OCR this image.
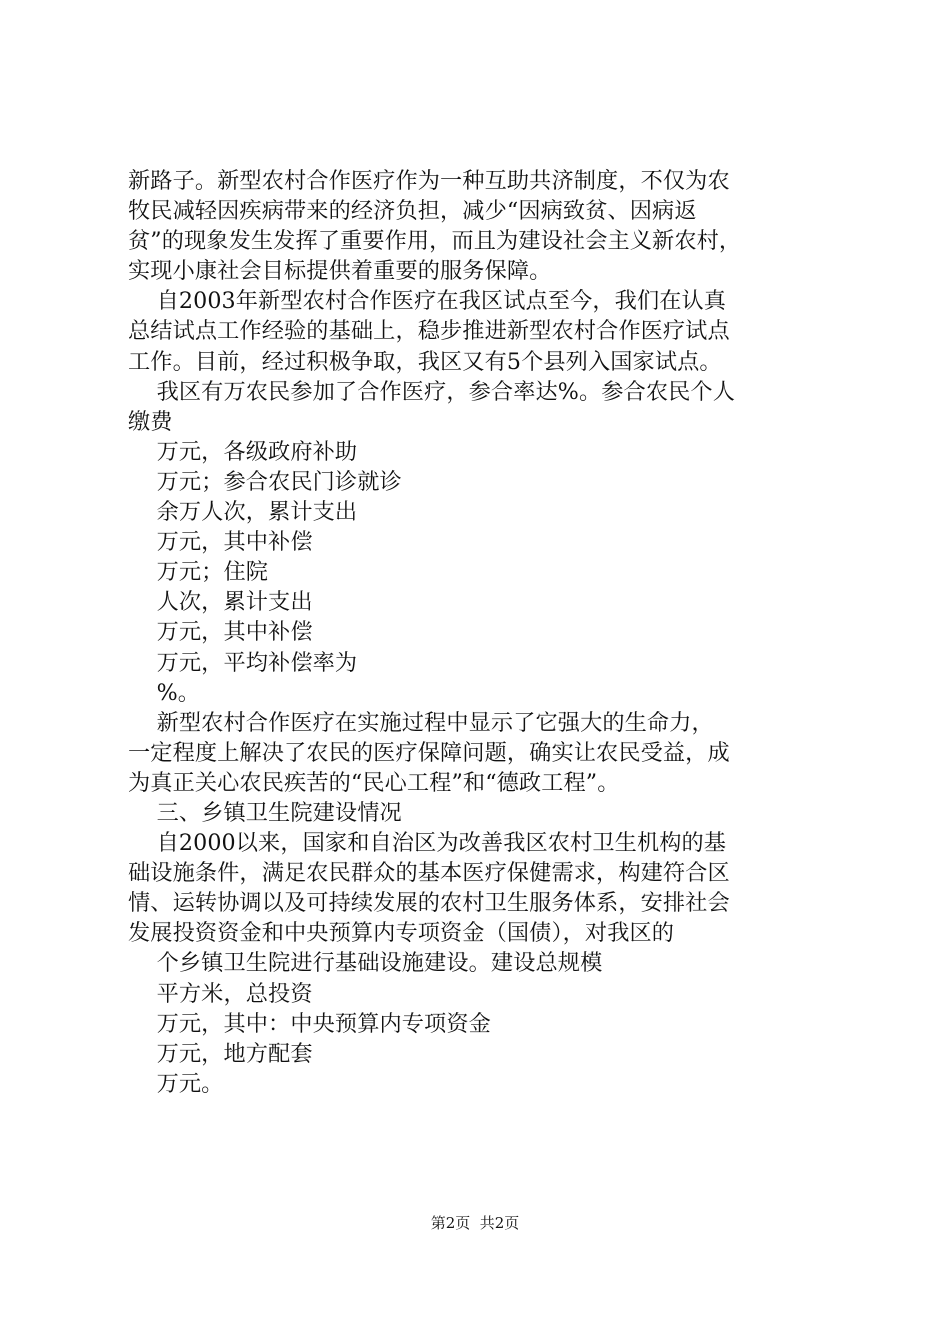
新路子。新型农村合作医疗作为一种互助共济制度，不仅为农
牧民减轻因疾病带来的经济负担，减少“因病致贫、因病返
贫”的现象发生发挥了重要作用，而且为建设社会主义新农村，
实现小康社会目标提供着重要的服务保障。
自2003年新型农村合作医疗在我区试点至今，我们在认真
总结试点工作经验的基础上，稳步推进新型农村合作医疗试点
工作。目前，经过积极争取，我区又有5个县列入国家试点。
我区有万农民参加了合作医疗，参合率达%。参合农民个人
缴费
万元，各级政府补助
万元；参合农民门诊就诊
余万人次，累计支出
万元，其中补偿
万元；住院
人次，累计支出
万元，其中补偿
万元，平均补偿率为
%。
新型农村合作医疗在实施过程中显示了它强大的生命力，
一定程度上解决了农民的医疗保障问题，确实让农民受益，成
为真正关心农民疾苦的“民心工程”和“德政工程”。
三、乡镇卫生院建设情况
自2000以来，国家和自治区为改善我区农村卫生机构的基
础设施条件，满足农民群众的基本医疗保健需求，构建符合区
情、运转协调以及可持续发展的农村卫生服务体系，安排社会
发展投资资金和中央预算内专项资金（国债），对我区的
个乡镇卫生院进行基础设施建设。建设总规模
平方米，总投资
万元，其中：中央预算内专项资金
万元，地方配套
万元。
第2页  共2页
